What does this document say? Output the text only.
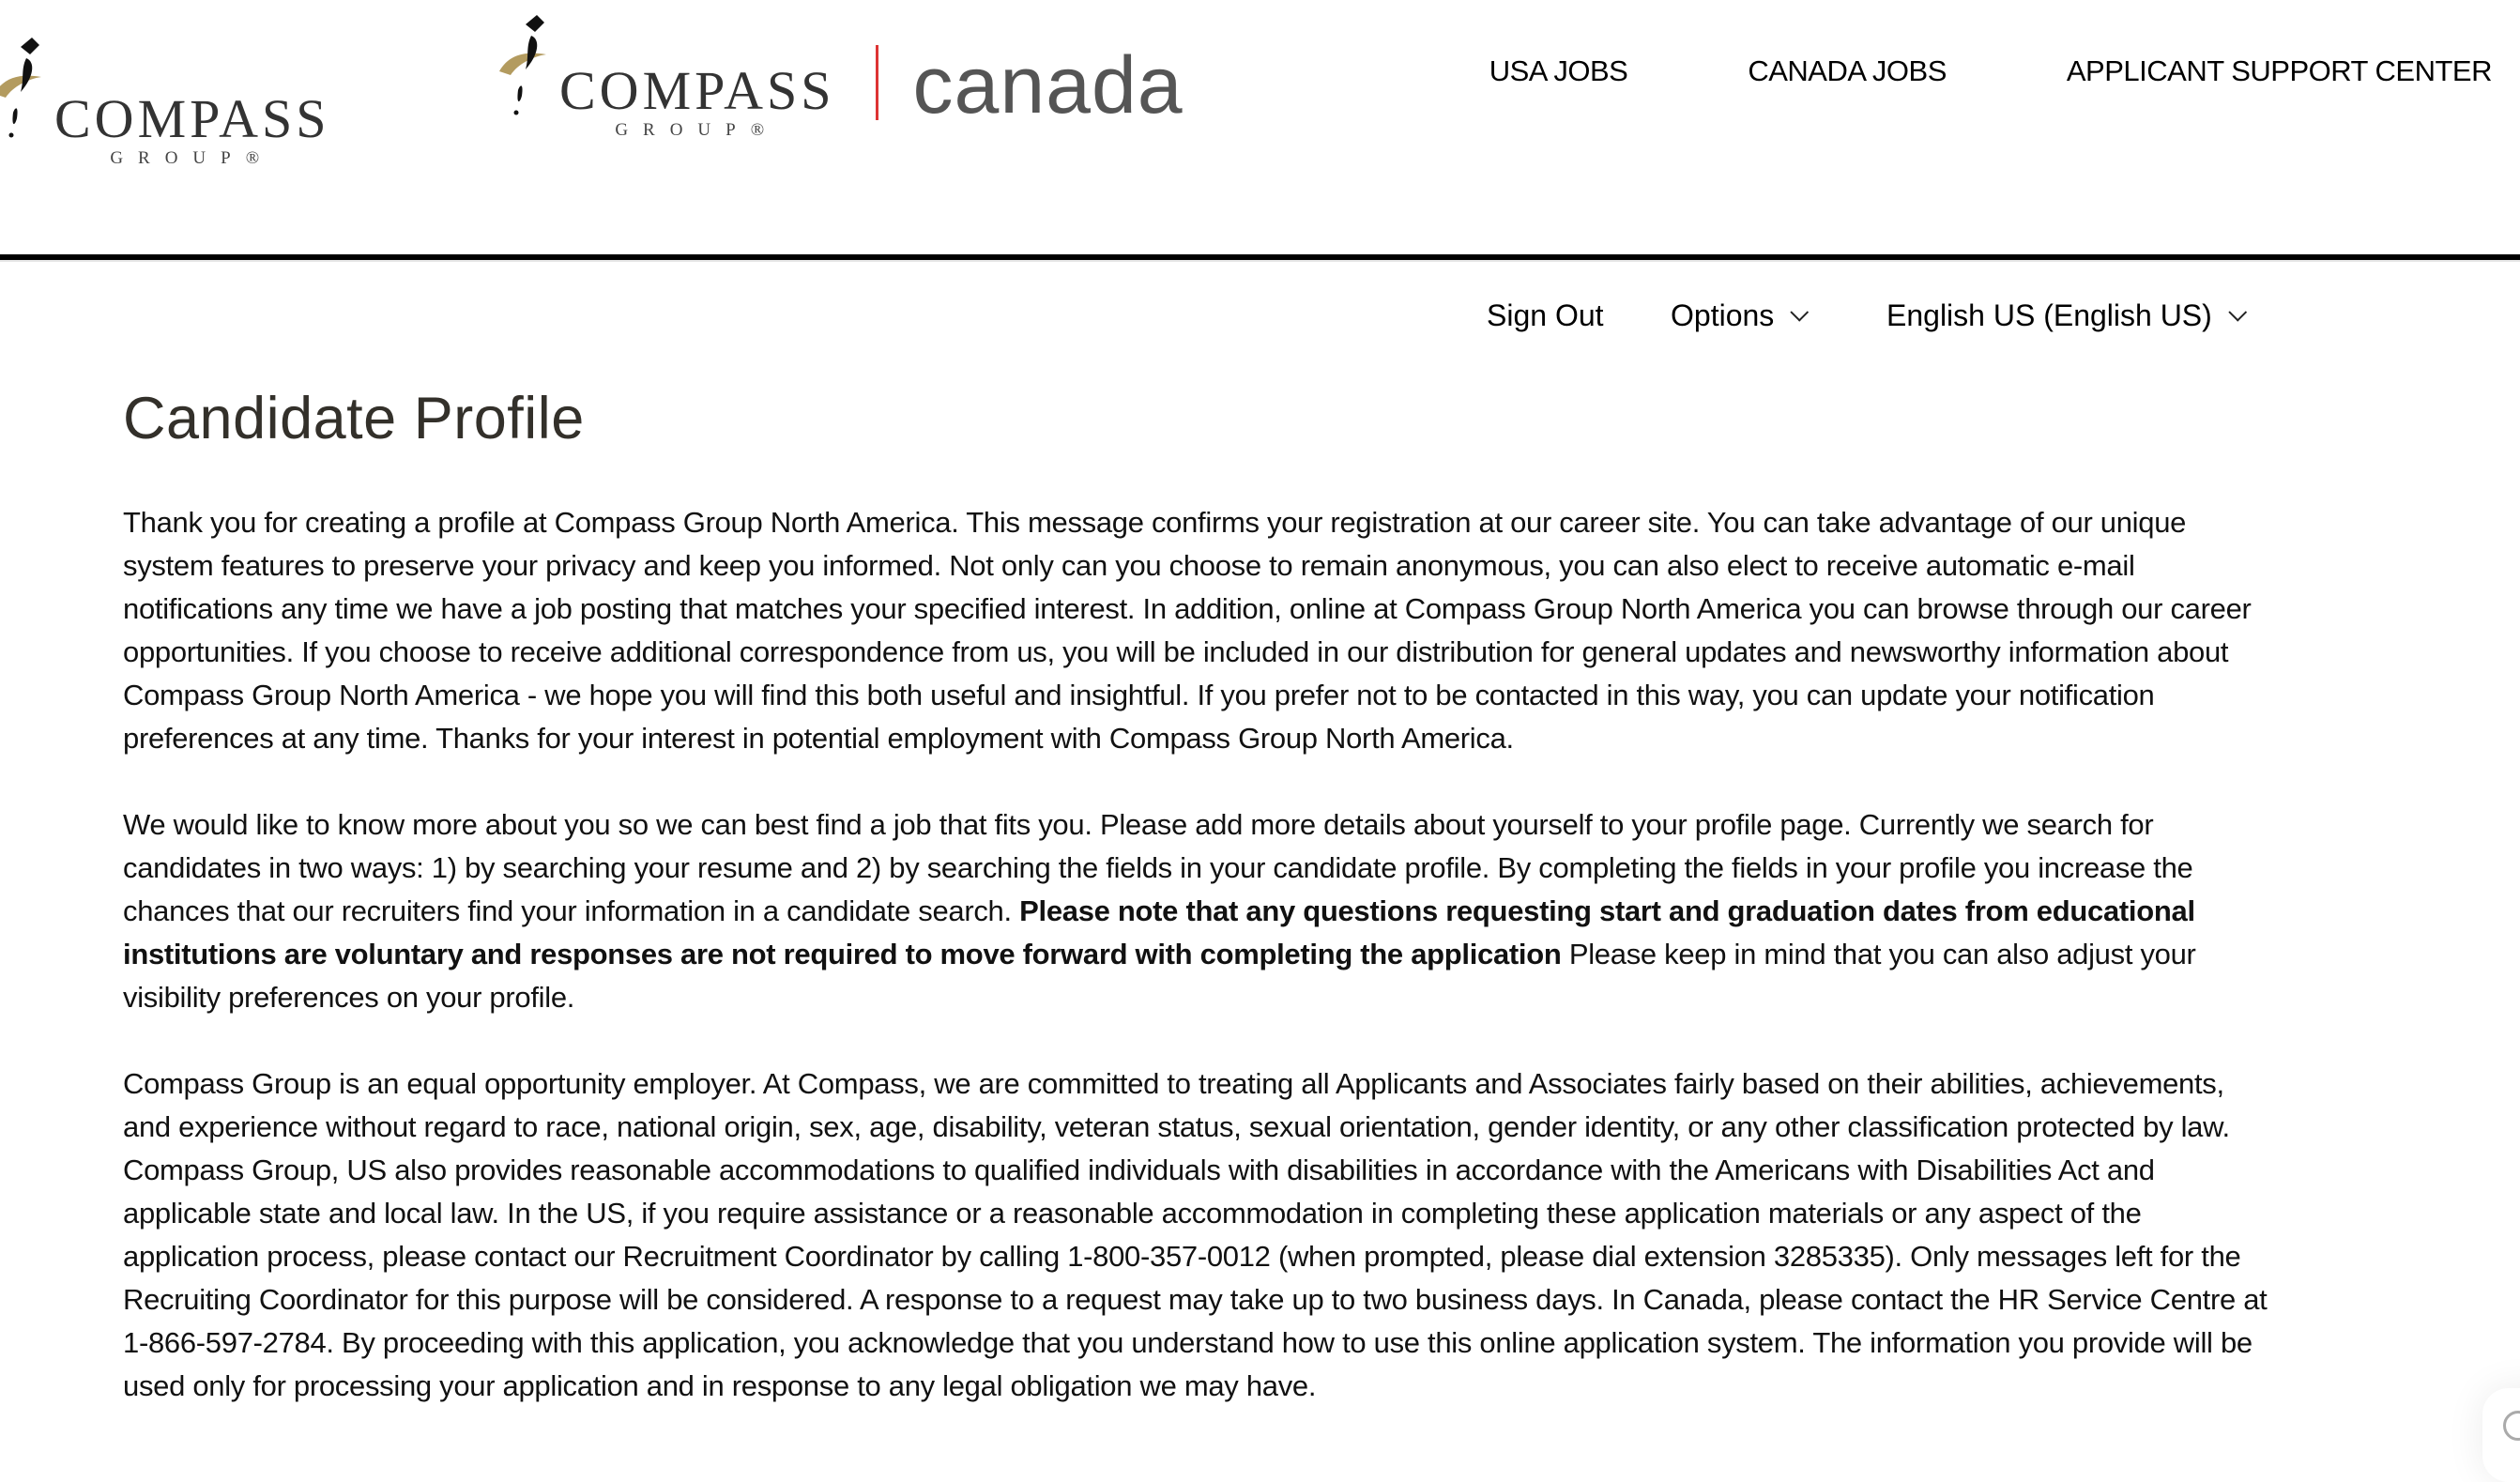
COMPASS
GROUP®
COMPASS
GROUP® canada	USA JOBS	CANADA JOBS	APPLICANT SUPPORT CENTER
Sign Out Options	English US (English US)
Candidate Profile

Thank you for creating a profile at Compass Group North America. This message confirms your registration at our career site. You can take advantage of our unique system features to preserve your privacy and keep you informed. Not only can you choose to remain anonymous, you can also elect to receive automatic e-mail notifications any time we have a job posting that matches your specified interest. In addition, online at Compass Group North America you can browse through our career opportunities. If you choose to receive additional correspondence from us, you will be included in our distribution for general updates and newsworthy information about Compass Group North America - we hope you will find this both useful and insightful. If you prefer not to be contacted in this way, you can update your notification preferences at any time. Thanks for your interest in potential employment with Compass Group North America.

We would like to know more about you so we can best find a job that fits you. Please add more details about yourself to your profile page. Currently we search for candidates in two ways: 1) by searching your resume and 2) by searching the fields in your candidate profile. By completing the fields in your profile you increase the chances that our recruiters find your information in a candidate search. Please note that any questions requesting start and graduation dates from educational institutions are voluntary and responses are not required to move forward with completing the application Please keep in mind that you can also adjust your visibility preferences on your profile.

Compass Group is an equal opportunity employer. At Compass, we are committed to treating all Applicants and Associates fairly based on their abilities, achievements, and experience without regard to race, national origin, sex, age, disability, veteran status, sexual orientation, gender identity, or any other classification protected by law. Compass Group, US also provides reasonable accommodations to qualified individuals with disabilities in accordance with the Americans with Disabilities Act and applicable state and local law. In the US, if you require assistance or a reasonable accommodation in completing these application materials or any aspect of the application process, please contact our Recruitment Coordinator by calling 1-800-357-0012 (when prompted, please dial extension 3285335). Only messages left for the Recruiting Coordinator for this purpose will be considered. A response to a request may take up to two business days. In Canada, please contact the HR Service Centre at 1-866-597-2784. By proceeding with this application, you acknowledge that you understand how to use this online application system. The information you provide will be used only for processing your application and in response to any legal obligation we may have.
